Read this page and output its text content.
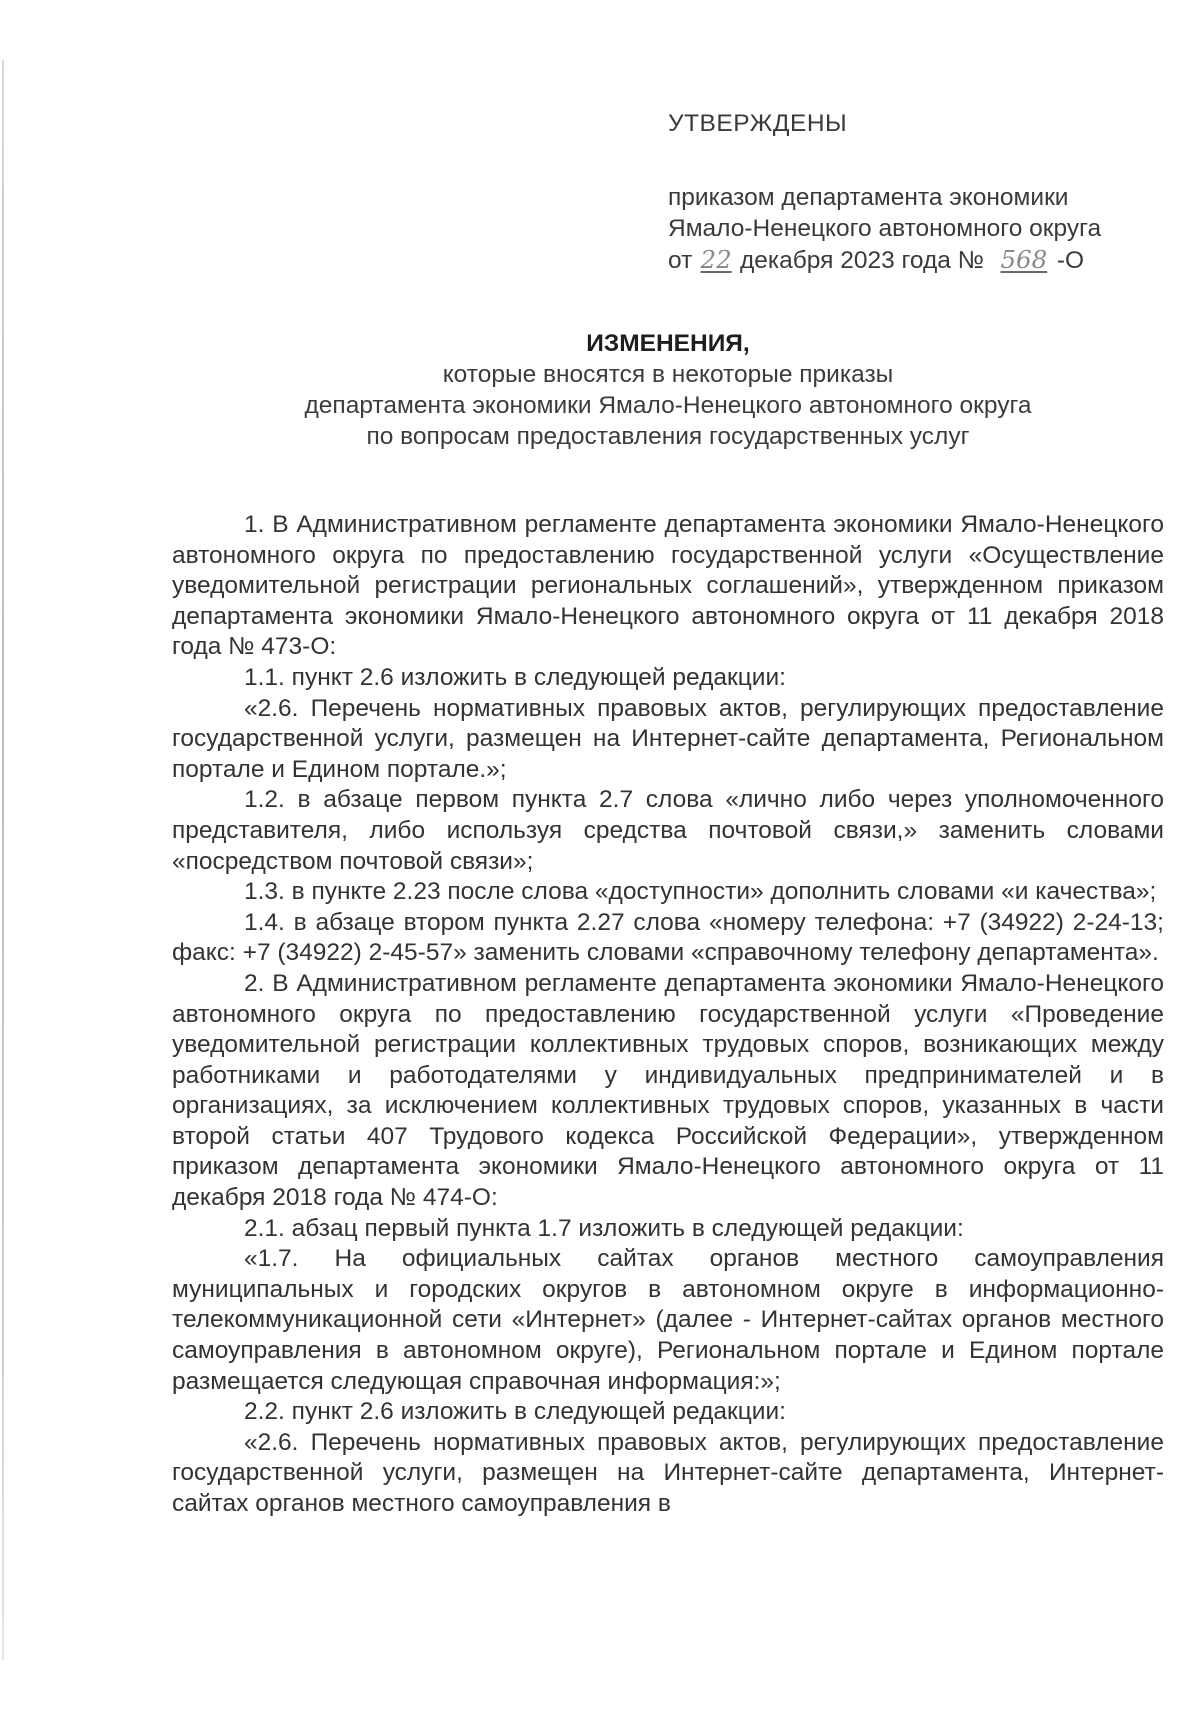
УТВЕРЖДЕНЫ
приказом департамента экономики
Ямало-Ненецкого автономного округа
от 22 декабря 2023 года № 568 -О
ИЗМЕНЕНИЯ,
которые вносятся в некоторые приказы
департамента экономики Ямало-Ненецкого автономного округа
по вопросам предоставления государственных услуг

1. В Административном регламенте департамента экономики Ямало-Ненецкого автономного округа по предоставлению государственной услуги «Осуществление уведомительной регистрации региональных соглашений», утвержденном приказом департамента экономики Ямало-Ненецкого автономного округа от 11 декабря 2018 года № 473-О:

1.1. пункт 2.6 изложить в следующей редакции:

«2.6. Перечень нормативных правовых актов, регулирующих предоставление государственной услуги, размещен на Интернет-сайте департамента, Региональном портале и Едином портале.»;

1.2. в абзаце первом пункта 2.7 слова «лично либо через уполномоченного представителя, либо используя средства почтовой связи,» заменить словами «посредством почтовой связи»;

1.3. в пункте 2.23 после слова «доступности» дополнить словами «и качества»;

1.4. в абзаце втором пункта 2.27 слова «номеру телефона: +7 (34922) 2-24-13; факс: +7 (34922) 2-45-57» заменить словами «справочному телефону департамента».

2. В Административном регламенте департамента экономики Ямало-Ненецкого автономного округа по предоставлению государственной услуги «Проведение уведомительной регистрации коллективных трудовых споров, возникающих между работниками и работодателями у индивидуальных предпринимателей и в организациях, за исключением коллективных трудовых споров, указанных в части второй статьи 407 Трудового кодекса Российской Федерации», утвержденном приказом департамента экономики Ямало-Ненецкого автономного округа от 11 декабря 2018 года № 474-О:

2.1. абзац первый пункта 1.7 изложить в следующей редакции:

«1.7. На официальных сайтах органов местного самоуправления муниципальных и городских округов в автономном округе в информационно-телекоммуникационной сети «Интернет» (далее - Интернет-сайтах органов местного самоуправления в автономном округе), Региональном портале и Едином портале размещается следующая справочная информация:»;

2.2. пункт 2.6 изложить в следующей редакции:

«2.6. Перечень нормативных правовых актов, регулирующих предоставление государственной услуги, размещен на Интернет-сайте департамента, Интернет-сайтах органов местного самоуправления в
